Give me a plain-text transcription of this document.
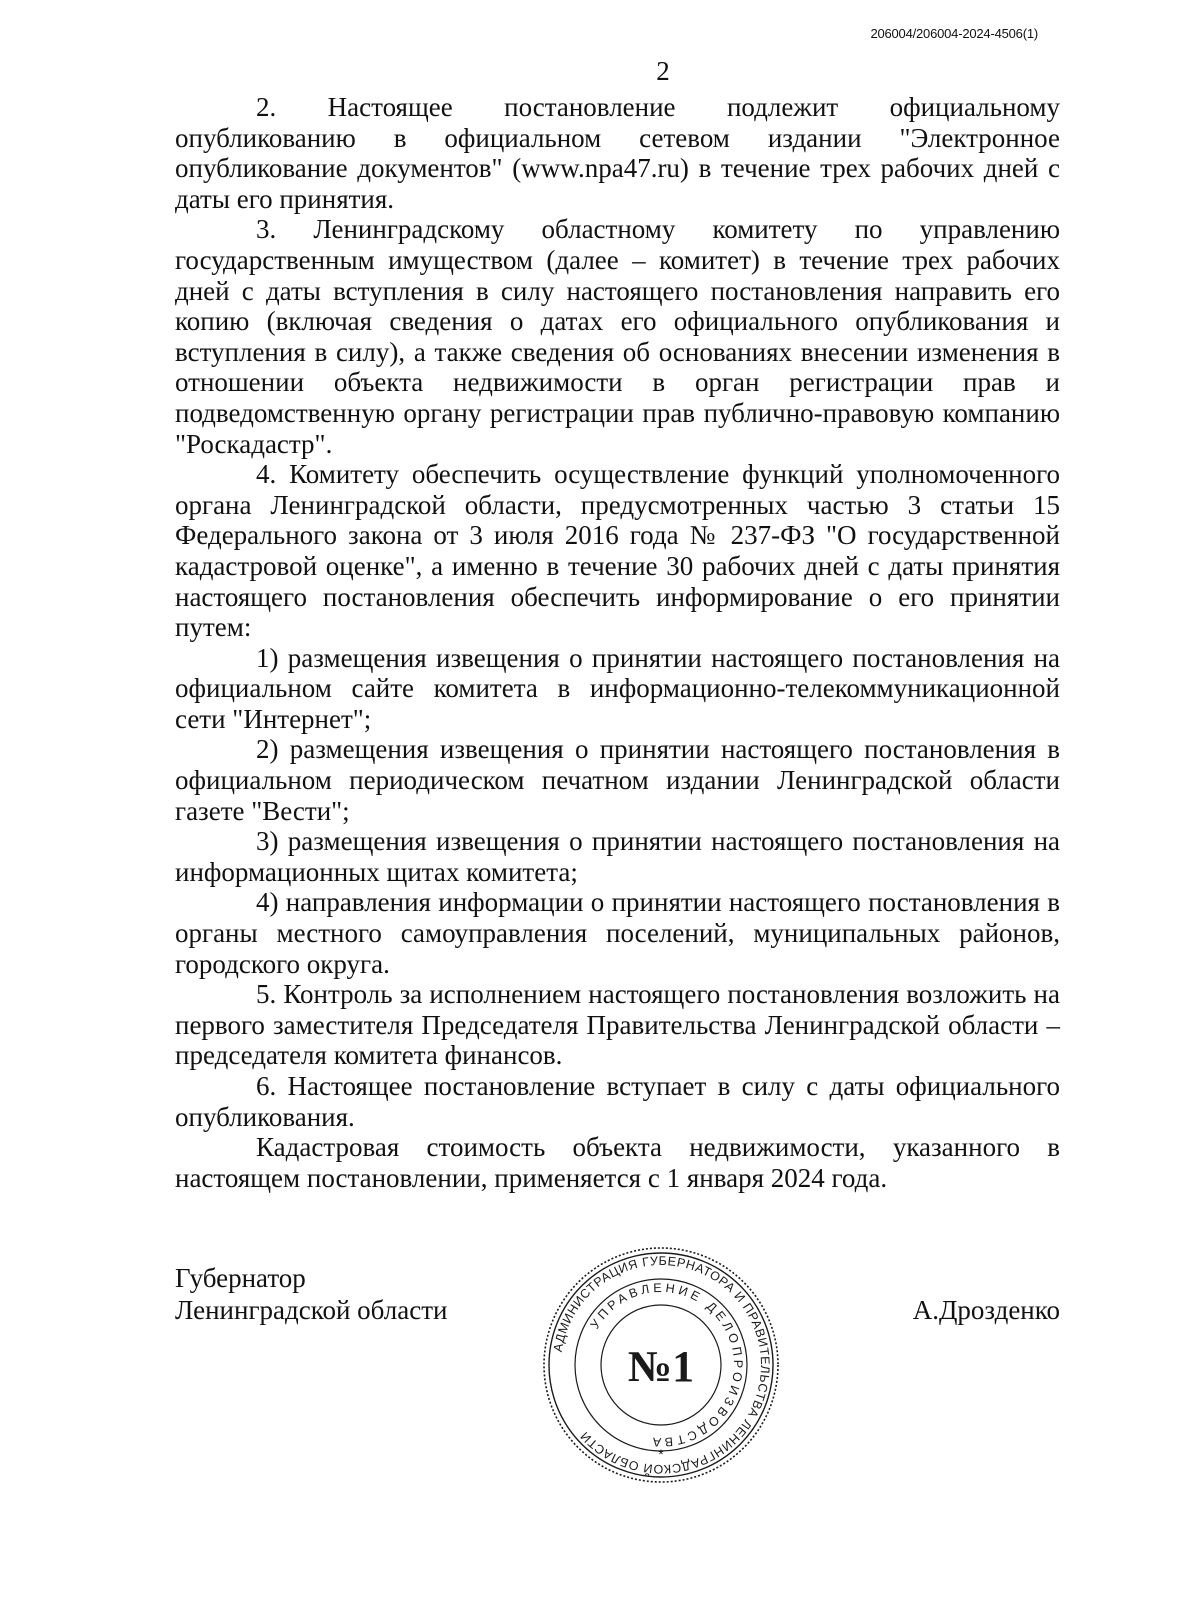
206004/206004-2024-4506(1)
2

2. Настоящее постановление подлежит официальному опубликованию в официальном сетевом издании "Электронное опубликование документов" (www.npa47.ru) в течение трех рабочих дней с даты его принятия.

3. Ленинградскому областному комитету по управлению государственным имуществом (далее – комитет) в течение трех рабочих дней с даты вступления в силу настоящего постановления направить его копию (включая сведения о датах его официального опубликования и вступления в силу), а также сведения об основаниях внесении изменения в отношении объекта недвижимости в орган регистрации прав и подведомственную органу регистрации прав публично-правовую компанию "Роскадастр".

4. Комитету обеспечить осуществление функций уполномоченного органа Ленинградской области, предусмотренных частью 3 статьи 15 Федерального закона от 3 июля 2016 года № 237-ФЗ "О государственной кадастровой оценке", а именно в течение 30 рабочих дней с даты принятия настоящего постановления обеспечить информирование о его принятии путем:

1) размещения извещения о принятии настоящего постановления на официальном сайте комитета в информационно-телекоммуникационной сети "Интернет";

2) размещения извещения о принятии настоящего постановления в официальном периодическом печатном издании Ленинградской области газете "Вести";

3) размещения извещения о принятии настоящего постановления на информационных щитах комитета;

4) направления информации о принятии настоящего постановления в органы местного самоуправления поселений, муниципальных районов, городского округа.

5. Контроль за исполнением настоящего постановления возложить на первого заместителя Председателя Правительства Ленинградской области – председателя комитета финансов.

6. Настоящее постановление вступает в силу с даты официального опубликования.

Кадастровая стоимость объекта недвижимости, указанного в настоящем постановлении, применяется с 1 января 2024 года.

Губернатор
Ленинградской области	А.Дрозденко
АДМИНИСТРАЦИЯ ГУБЕРНАТОРА И ПРАВИТЕЛЬСТВА ЛЕНИНГРАДСКОЙ ОБЛАСТИ
УПРАВЛЕНИЕ ДЕЛОПРОИЗВОДСТВА
№1
*
